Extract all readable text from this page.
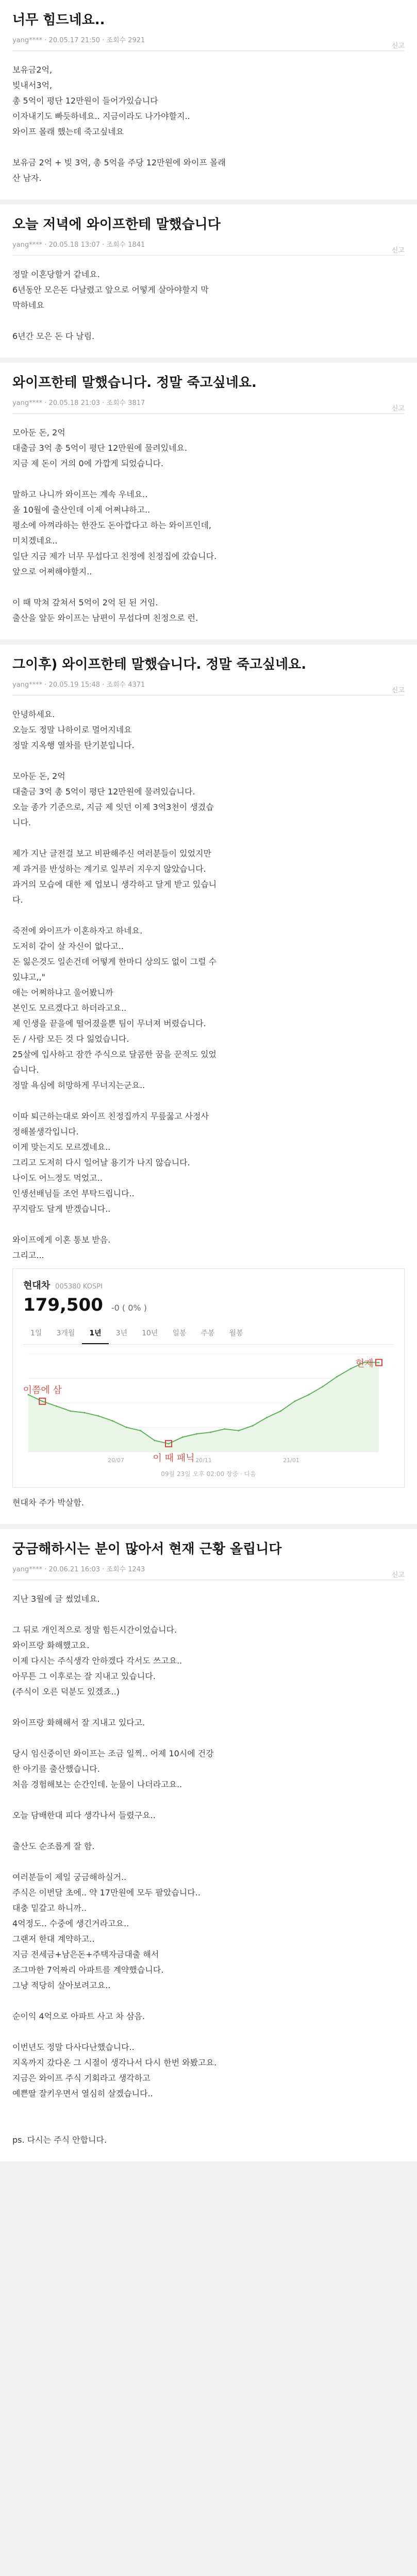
너무 힘드네요..
yang**** · 20.05.17 21:50 · 조회수 2921
신고

보유금2억,

빚내서3억,

총 5억이 평단 12만원이 들어가있습니다

이자내기도 빠듯하네요.. 지금이라도 나가야할지..

와이프 몰래 했는데 죽고싶네요

보유금 2억 + 빚 3억, 총 5억을 주당 12만원에 와이프 몰래

산 남자.

오늘 저녁에 와이프한테 말했습니다
yang**** · 20.05.18 13:07 · 조회수 1841
신고

정말 이혼당할거 같네요.

6년동안 모은돈 다날렸고 앞으로 어떻게 살아야할지 막

막하네요

6년간 모은 돈 다 날림.

와이프한테 말했습니다. 정말 죽고싶네요.
yang**** · 20.05.18 21:03 · 조회수 3817
신고

모아둔 돈, 2억

대출금 3억 총 5억이 평단 12만원에 물려있네요.

지금 제 돈이 거의 0에 가깝게 되었습니다.

말하고 나니까 와이프는 계속 우네요..

올 10월에 출산인데 이제 어쩌냐하고..

평소에 아껴라하는 한잔도 돈아깝다고 하는 와이프인데,

미치겠네요..

일단 지금 제가 너무 무섭다고 친정에 친정집에 갔습니다.

앞으로 어쩌해야할지..

이 때 막쳐 갚쳐서 5억이 2억 된 된 거임.

출산을 앞둔 와이프는 남편이 무섭다며 친정으로 런.

그이후) 와이프한테 말했습니다. 정말 죽고싶네요.
yang**** · 20.05.19 15:48 · 조회수 4371
신고

안녕하세요.

오늘도 정말 나하이로 멀어지네요

정말 지옥행 열차를 탄기분입니다.

모아둔 돈, 2억

대출금 3억 총 5억이 평단 12만원에 물려있습니다.

오늘 종가 기준으로, 지금 제 잇던 이제 3억3천이 생겼습

니다.

제가 지난 글전걸 보고 비판해주신 여러분들이 있었지만

제 과거를 반성하는 계기로 일부러 지우지 않았습니다.

과거의 모습에 대한 제 업보니 생각하고 달게 받고 있습니

다.

죽전에 와이프가 이혼하자고 하네요.

도저히 같이 살 자신이 없다고..

돈 잃은것도 일손건데 어떻게 한마디 상의도 없이 그럴 수

있냐고,,"

애는 어쩌하냐고 울어봤니까

본인도 모르겠다고 하더라고요..

제 인생을 끝을에 떨어졌을뿐 팀이 무너져 버렸습니다.

돈 / 사람 모든 것 다 잃었습니다.

25살에 입사하고 잠깐 주식으로 달콤한 꿈을 꾼적도 있었

습니다.

정말 욕심에 허망하게 무너지는군요..

이따 퇴근하는대로 와이프 친정집까지 무릎꿇고 사정사

정해볼생각입니다.

이게 맞는지도 모르겠네요..

그리고 도저히 다시 일어날 용기가 나지 않습니다.

나이도 어느정도 먹었고..

인생선배님들 조언 부탁드립니다..

꾸지람도 달게 받겠습니다..

와이프에게 이혼 통보 받음.

그리고...

현대차 005380 KOSPI
179,500 -0 ( 0% )
1일	3개월	1년	3년	10년	일봉	주봉	월봉
20/07	20/11	21/01
이쯤에 삼
이 때 패닉
현재
09월 23일 오후 02:00 장중 · 다음

현대차 주가 박살함.

궁금해하시는 분이 많아서 현재 근황 올립니다
yang**** · 20.06.21 16:03 · 조회수 1243
신고

지난 3월에 글 썼었네요.

그 뒤로 개인적으로 정말 힘든시간이었습니다.

와이프랑 화해했고요.

이제 다시는 주식생각 안하겠다 각서도 쓰고요..

아무튼 그 이후로는 잘 지내고 있습니다.

(주식이 오른 덕분도 있겠죠..)

와이프랑 화해해서 잘 지내고 있다고.

당시 임신중이던 와이프는 조금 일찍.. 어제 10시에 건강

한 아기를 출산했습니다.

처음 경험해보는 순간인데. 눈물이 나더라고요..

오늘 담배한대 피다 생각나서 들렸구요..

출산도 순조롭게 잘 함.

여러분들이 제일 궁금해하실거..

주식은 이번달 초에.. 약 17만원에 모두 팔았습니다..

대충 밑갚고 하니까..

4억정도.. 수중에 생긴거라고요..

그랜저 한대 계약하고..

지금 전세금+남은돈+주택자금대출 해서

조그마한 7억짜리 아파트를 계약했습니다.

그냥 적당히 살아보려고요..

순이익 4억으로 아파트 사고 차 삼음.

이번년도 정말 다사다난했습니다..

지옥까지 갔다온 그 시절이 생각나서 다시 한번 와봤고요.

지금은 와이프 주식 기회라고 생각하고

예쁜딸 잘키우면서 열심히 살겠습니다..

ps. 다시는 주식 안합니다.
